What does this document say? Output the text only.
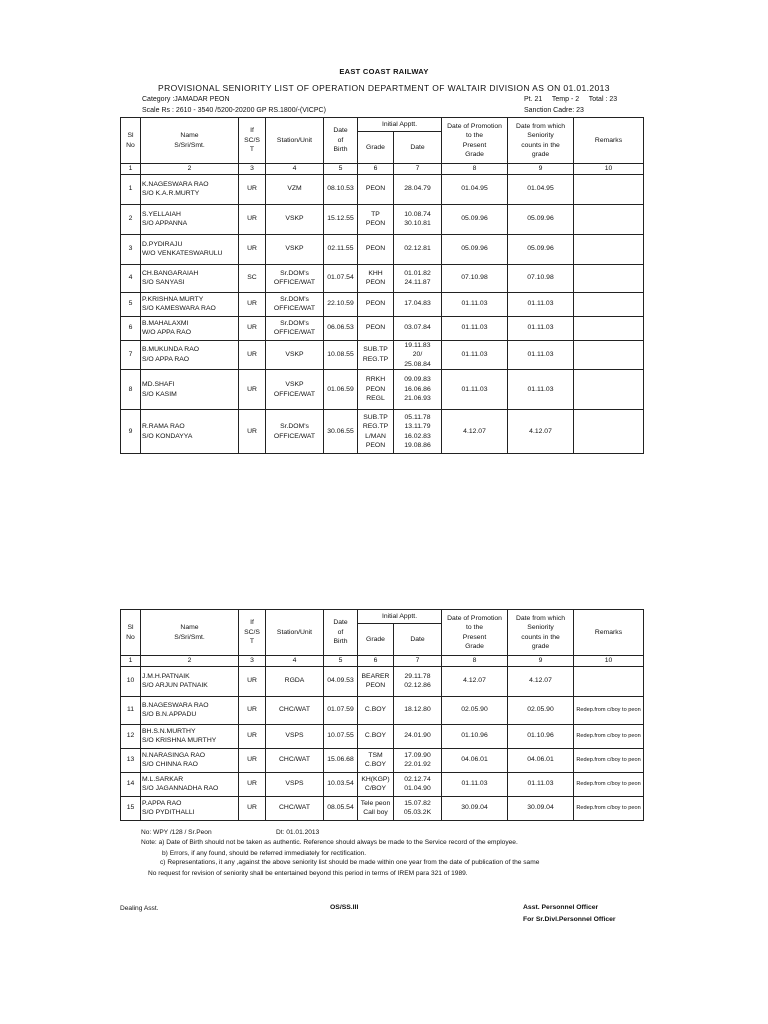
EAST COAST RAILWAY
PROVISIONAL SENIORITY LIST OF OPERATION DEPARTMENT OF WALTAIR DIVISION AS ON 01.01.2013
Category :JAMADAR PEON
Scale Rs : 2610 - 3540 /5200-20200 GP RS.1800/-(VICPC)
Pt. 21     Temp - 2     Total : 23
Sanction Cadre: 23
Sl
No	Name
S/Sri/Smt.	If
SC/S
T	Station/Unit	Date
of
Birth	Initial Apptt.		Date of Promotion
to the
Present
Grade	Date from which
Seniority
counts in the
grade	Remarks
					Grade	Date			
1	2	3	4	5	6	7	8	9	10
1	K.NAGESWARA RAO
S/O K.A.R.MURTY	UR	VZM	08.10.53	PEON	28.04.79	01.04.95	01.04.95	
2	S.YELLAIAH
S/O APPANNA	UR	VSKP	15.12.55	TP
PEON	10.08.74
30.10.81	05.09.96	05.09.96	
3	D.PYDIRAJU
W/O VENKATESWARULU	UR	VSKP	02.11.55	PEON	02.12.81	05.09.96	05.09.96	
4	CH.BANGARAIAH
S/O SANYASI	SC	Sr.DOM's
OFFICE/WAT	01.07.54	KHH
PEON	01.01.82
24.11.87	07.10.98	07.10.98	
5	P.KRISHNA MURTY
S/O KAMESWARA RAO	UR	Sr.DOM's
OFFICE/WAT	22.10.59	PEON	17.04.83	01.11.03	01.11.03	
6	B.MAHALAXMI
W/O APPA RAO	UR	Sr.DOM's
OFFICE/WAT	06.06.53	PEON	03.07.84	01.11.03	01.11.03	
7	B.MUKUNDA RAO
S/O APPA RAO	UR	VSKP	10.08.55	SUB.TP
REG.TP	19.11.83
20/
25.08.84	01.11.03	01.11.03	
8	MD.SHAFI
S/O KASIM	UR	VSKP
OFFICE/WAT	01.06.59	RRKH
PEON
REGL	09.09.83
16.06.86
21.06.93	01.11.03	01.11.03	
9	R.RAMA RAO
S/O KONDAYYA	UR	Sr.DOM's
OFFICE/WAT	30.06.55	SUB.TP
REG.TP
L/MAN
PEON	05.11.78
13.11.79
16.02.83
19.08.86	4.12.07	4.12.07	
Sl
No	Name
S/Sri/Smt.	If
SC/S
T	Station/Unit	Date
of
Birth	Initial Apptt.		Date of Promotion
to the
Present
Grade	Date from which
Seniority
counts in the
grade	Remarks
					Grade	Date			
1	2	3	4	5	6	7	8	9	10
10	J.M.H.PATNAIK
S/O ARJUN PATNAIK	UR	RGDA	04.09.53	BEARER
PEON	29.11.78
02.12.86	4.12.07	4.12.07	
11	B.NAGESWARA RAO
S/O B.N.APPADU	UR	CHC/WAT	01.07.59	C.BOY	18.12.80	02.05.90	02.05.90	Redep.from c/boy to peon
12	BH.S.N.MURTHY
S/O KRISHNA MURTHY	UR	VSPS	10.07.55	C.BOY	24.01.90	01.10.96	01.10.96	Redep.from c/boy to peon
13	N.NARASINGA RAO
S/O CHINNA RAO	UR	CHC/WAT	15.06.68	TSM
C.BOY	17.09.90
22.01.92	04.06.01	04.06.01	Redep.from c/boy to peon
14	M.L.SARKAR
S/O JAGANNADHA RAO	UR	VSPS	10.03.54	KH(KGP)
C/BOY	02.12.74
01.04.90	01.11.03	01.11.03	Redep.from c/boy to peon
15	P.APPA RAO
S/O PYDITHALLI	UR	CHC/WAT	08.05.54	Tele peon
Call boy	15.07.82
05.03.2K	30.09.04	30.09.04	Redep.from c/boy to peon
No: WPY /128 / Sr.Peon	Dt: 01.01.2013
Note: a) Date of Birth should not be taken as authentic. Reference should always be made to the Service record of the employee.
b) Errors, if any found, should be referred immediately for rectification.
c) Representations, it any ,against the above seniority list should be made within one year from the date of publication of the same
No request for revision of seniority shall be entertained beyond this period in terms of IREM para 321 of 1989.
Dealing Asst.	OS/SS.III	Asst. Personnel Officer
For Sr.Divl.Personnel Officer
